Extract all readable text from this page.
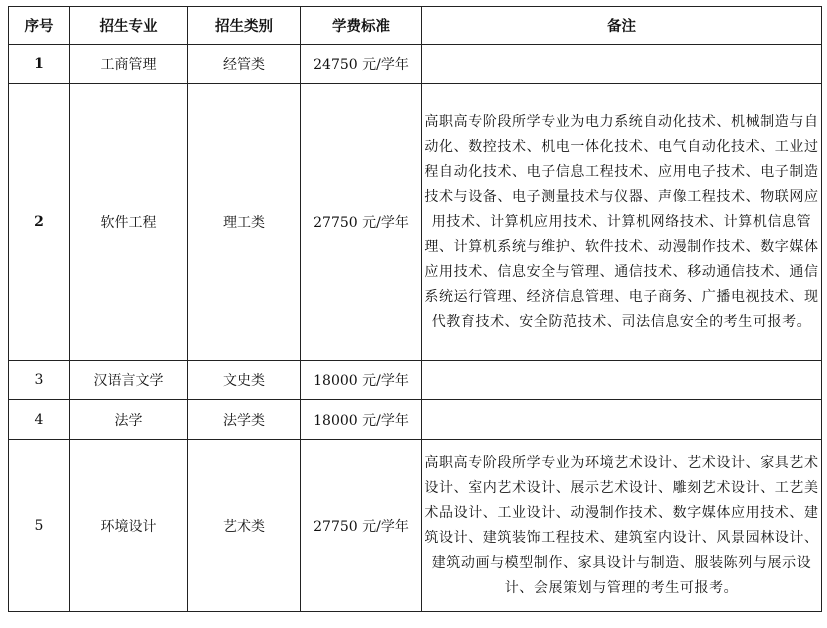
序号	招生专业	招生类别	学费标准	备注
1	工商管理	经管类	24750 元/学年	
2	软件工程	理工类	27750 元/学年	高职高专阶段所学专业为电力系统自动化技术、机械制造与自动化、数控技术、机电一体化技术、电气自动化技术、工业过程自动化技术、电子信息工程技术、应用电子技术、电子制造技术与设备、电子测量技术与仪器、声像工程技术、物联网应用技术、计算机应用技术、计算机网络技术、计算机信息管理、计算机系统与维护、软件技术、动漫制作技术、数字媒体应用技术、信息安全与管理、通信技术、移动通信技术、通信系统运行管理、经济信息管理、电子商务、广播电视技术、现代教育技术、安全防范技术、司法信息安全的考生可报考。
3	汉语言文学	文史类	18000 元/学年	
4	法学	法学类	18000 元/学年	
5	环境设计	艺术类	27750 元/学年	高职高专阶段所学专业为环境艺术设计、艺术设计、家具艺术设计、室内艺术设计、展示艺术设计、雕刻艺术设计、工艺美术品设计、工业设计、动漫制作技术、数字媒体应用技术、建筑设计、建筑装饰工程技术、建筑室内设计、风景园林设计、建筑动画与模型制作、家具设计与制造、服装陈列与展示设计、会展策划与管理的考生可报考。
